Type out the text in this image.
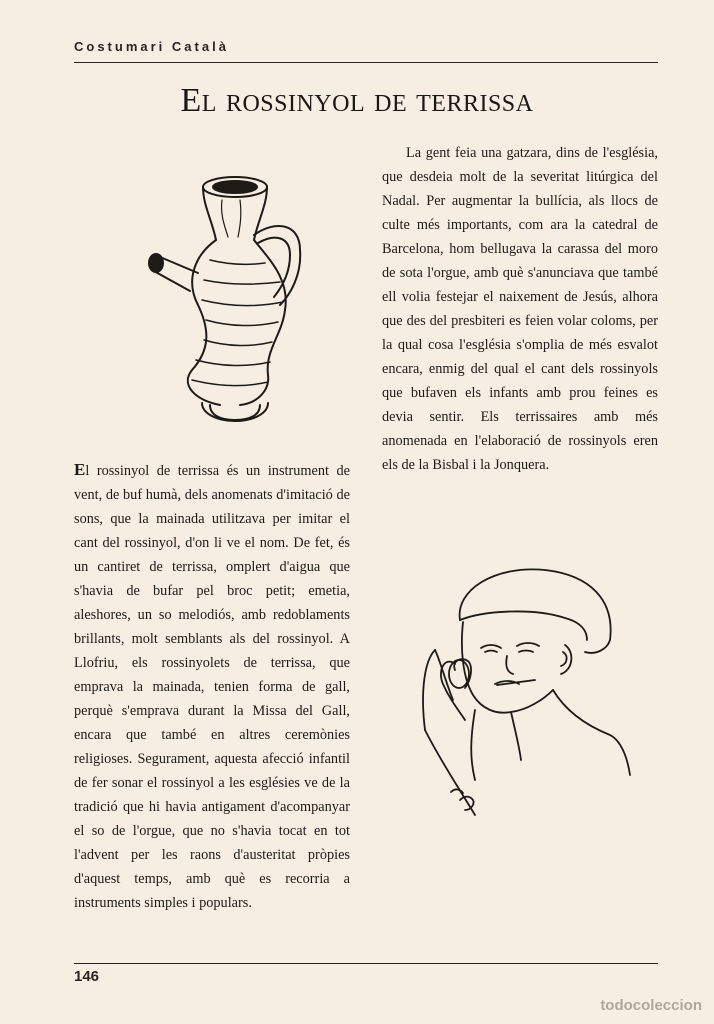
Costumari Català
El rossinyol de terrissa

La gent feia una gatzara, dins de l'església, que desdeia molt de la severitat litúrgica del Nadal. Per augmentar la bullícia, als llocs de culte més importants, com ara la catedral de Barcelona, hom bellugava la carassa del moro de sota l'orgue, amb què s'anunciava que també ell volia festejar el naixement de Jesús, alhora que des del presbiteri es feien volar coloms, per la qual cosa l'església s'omplia de més esvalot encara, enmig del qual el cant dels rossinyols que bufaven els infants amb prou feines es devia sentir. Els terrissaires amb més anomenada en l'elaboració de rossinyols eren els de la Bisbal i la Jonquera.

El rossinyol de terrissa és un instrument de vent, de buf humà, dels anomenats d'imitació de sons, que la mainada utilitzava per imitar el cant del rossinyol, d'on li ve el nom. De fet, és un cantiret de terrissa, omplert d'aigua que s'havia de bufar pel broc petit; emetia, aleshores, un so melodiós, amb redoblaments brillants, molt semblants als del rossinyol. A Llofriu, els rossinyolets de terrissa, que emprava la mainada, tenien forma de gall, perquè s'emprava durant la Missa del Gall, encara que també en altres ceremònies religioses. Segurament, aquesta afecció infantil de fer sonar el rossinyol a les esglésies ve de la tradició que hi havia antigament d'acompanyar el so de l'orgue, que no s'havia tocat en tot l'advent per les raons d'austeritat pròpies d'aquest temps, amb què es recorria a instruments simples i populars.

146
todocoleccion
